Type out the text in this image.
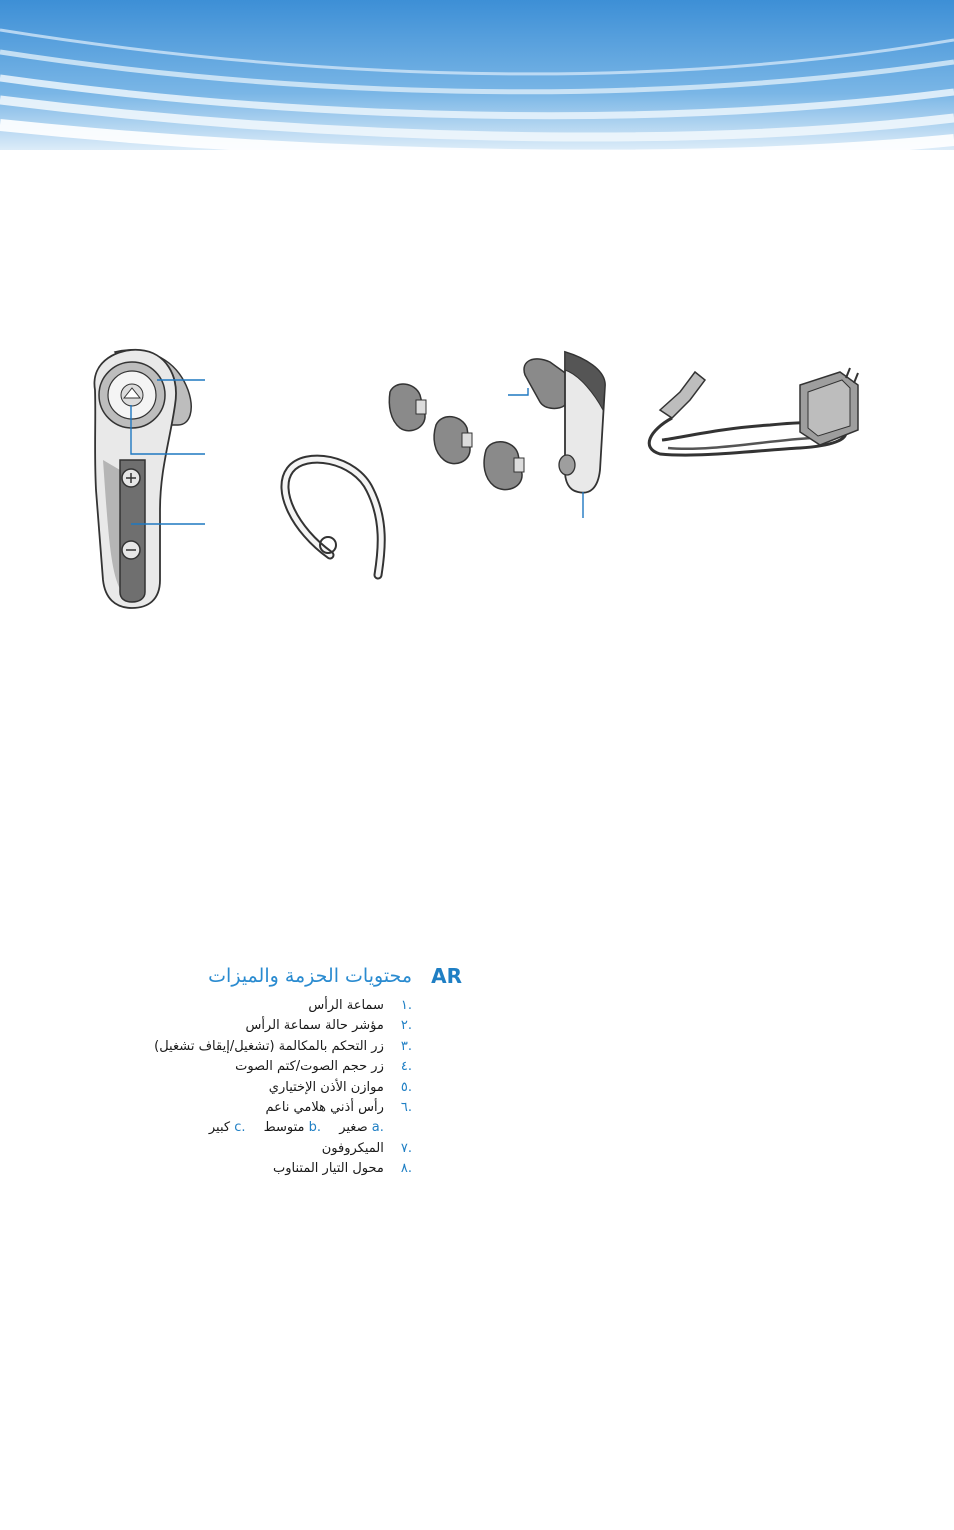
AR
محتويات الحزمة والميزات
.١ سماعة الرأس
.٢ مؤشر حالة سماعة الرأس
.٣ زر التحكم بالمكالمة (تشغيل/إيقاف تشغيل)
.٤ زر حجم الصوت/كتم الصوت
.٥ موازن الأذن الإختياري
.٦ رأس أذني هلامي ناعم
.a صغير .b متوسط .c كبير
.٧ الميكروفون
.٨ محول التيار المتناوب
